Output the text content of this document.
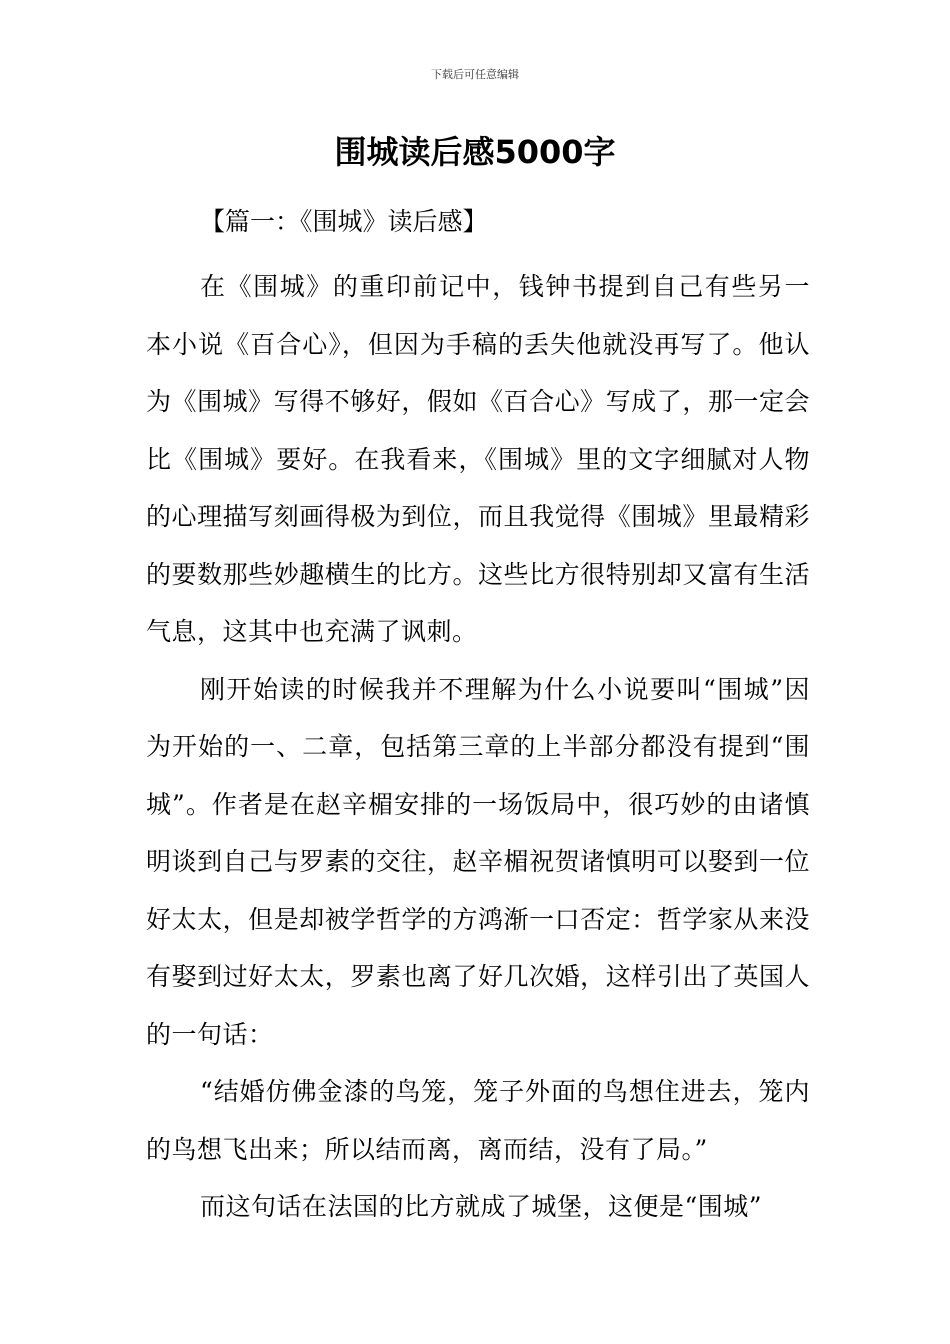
下载后可任意编辑
围城读后感5000字
【篇一：《围城》读后感】

在《围城》的重印前记中，钱钟书提到自己有些另一本小说《百合心》，但因为手稿的丢失他就没再写了。他认为《围城》写得不够好，假如《百合心》写成了，那一定会比《围城》要好。在我看来，《围城》里的文字细腻对人物的心理描写刻画得极为到位，而且我觉得《围城》里最精彩的要数那些妙趣横生的比方。这些比方很特别却又富有生活气息，这其中也充满了讽刺。

刚开始读的时候我并不理解为什么小说要叫“围城”因为开始的一、二章，包括第三章的上半部分都没有提到“围城”。作者是在赵辛楣安排的一场饭局中，很巧妙的由诸慎明谈到自己与罗素的交往，赵辛楣祝贺诸慎明可以娶到一位好太太，但是却被学哲学的方鸿渐一口否定：哲学家从来没有娶到过好太太，罗素也离了好几次婚，这样引出了英国人的一句话：

“结婚仿佛金漆的鸟笼，笼子外面的鸟想住进去，笼内的鸟想飞出来；所以结而离，离而结，没有了局。”

而这句话在法国的比方就成了城堡，这便是“围城”
